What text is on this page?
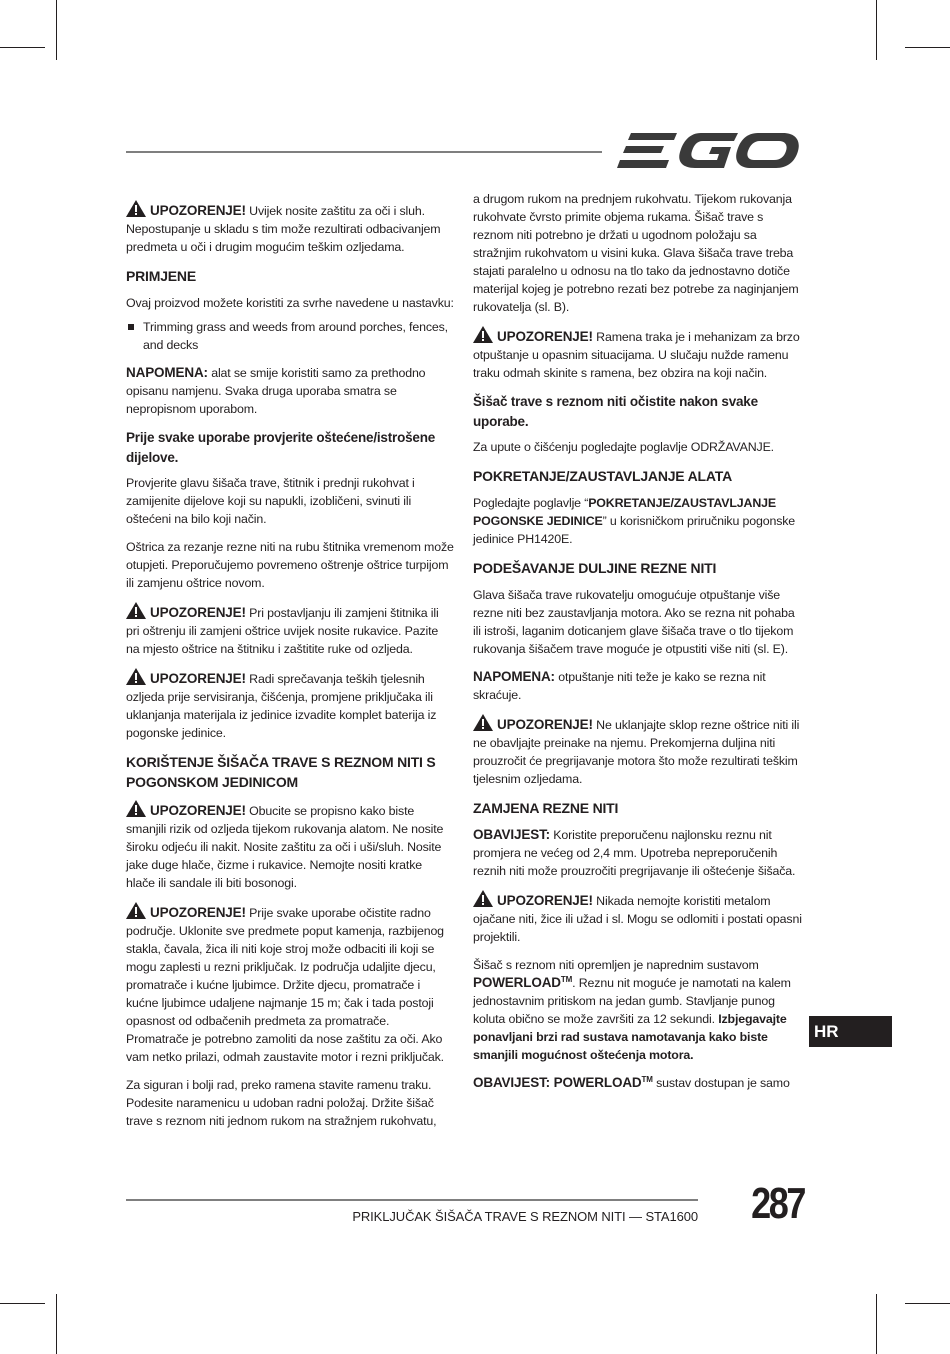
UPOZORENJE! Uvijek nosite zaštitu za oči i sluh. Nepostupanje u skladu s tim može rezultirati odbacivanjem predmeta u oči i drugim mogućim teškim ozljedama.

PRIMJENE

Ovaj proizvod možete koristiti za svrhe navedene u nastavku:

Trimming grass and weeds from around porches, fences, and decks

NAPOMENA: alat se smije koristiti samo za prethodno opisanu namjenu. Svaka druga uporaba smatra se nepropisnom uporabom.

Prije svake uporabe provjerite oštećene/istrošene dijelove.

Provjerite glavu šišača trave, štitnik i prednji rukohvat i zamijenite dijelove koji su napukli, izobličeni, svinuti ili oštećeni na bilo koji način.

Oštrica za rezanje rezne niti na rubu štitnika vremenom može otupjeti. Preporučujemo povremeno oštrenje oštrice turpijom ili zamjenu oštrice novom.

UPOZORENJE! Pri postavljanju ili zamjeni štitnika ili pri oštrenju ili zamjeni oštrice uvijek nosite rukavice. Pazite na mjesto oštrice na štitniku i zaštitite ruke od ozljeda.

UPOZORENJE! Radi sprečavanja teških tjelesnih ozljeda prije servisiranja, čišćenja, promjene priključaka ili uklanjanja materijala iz jedinice izvadite komplet baterija iz pogonske jedinice.

KORIŠTENJE ŠIŠAČA TRAVE S REZNOM NITI S POGONSKOM JEDINICOM

UPOZORENJE! Obucite se propisno kako biste smanjili rizik od ozljeda tijekom rukovanja alatom. Ne nosite široku odjeću ili nakit. Nosite zaštitu za oči i uši/sluh. Nosite jake duge hlače, čizme i rukavice. Nemojte nositi kratke hlače ili sandale ili biti bosonogi.

UPOZORENJE! Prije svake uporabe očistite radno područje. Uklonite sve predmete poput kamenja, razbijenog stakla, čavala, žica ili niti koje stroj može odbaciti ili koji se mogu zaplesti u rezni priključak. Iz područja udaljite djecu, promatrače i kućne ljubimce. Držite djecu, promatrače i kućne ljubimce udaljene najmanje 15 m; čak i tada postoji opasnost od odbačenih predmeta za promatrače. Promatrače je potrebno zamoliti da nose zaštitu za oči. Ako vam netko prilazi, odmah zaustavite motor i rezni priključak.

Za siguran i bolji rad, preko ramena stavite ramenu traku. Podesite naramenicu u udoban radni položaj. Držite šišač trave s reznom niti jednom rukom na stražnjem rukohvatu,

a drugom rukom na prednjem rukohvatu. Tijekom rukovanja rukohvate čvrsto primite objema rukama. Šišač trave s reznom niti potrebno je držati u ugodnom položaju sa stražnjim rukohvatom u visini kuka. Glava šišača trave treba stajati paralelno u odnosu na tlo tako da jednostavno dotiče materijal kojeg je potrebno rezati bez potrebe za naginjanjem rukovatelja (sl. B).

UPOZORENJE! Ramena traka je i mehanizam za brzo otpuštanje u opasnim situacijama. U slučaju nužde ramenu traku odmah skinite s ramena, bez obzira na koji način.

Šišač trave s reznom niti očistite nakon svake uporabe.

Za upute o čišćenju pogledajte poglavlje ODRŽAVANJE.

POKRETANJE/ZAUSTAVLJANJE ALATA

Pogledajte poglavlje “POKRETANJE/ZAUSTAVLJANJE POGONSKE JEDINICE” u korisničkom priručniku pogonske jedinice PH1420E.

PODEŠAVANJE DULJINE REZNE NITI

Glava šišača trave rukovatelju omogućuje otpuštanje više rezne niti bez zaustavljanja motora. Ako se rezna nit pohaba ili istroši, laganim doticanjem glave šišača trave o tlo tijekom rukovanja šišačem trave moguće je otpustiti više niti (sl. E).

NAPOMENA: otpuštanje niti teže je kako se rezna nit skraćuje.

UPOZORENJE! Ne uklanjajte sklop rezne oštrice niti ili ne obavljajte preinake na njemu. Prekomjerna duljina niti prouzročit će pregrijavanje motora što može rezultirati teškim tjelesnim ozljedama.

ZAMJENA REZNE NITI

OBAVIJEST: Koristite preporučenu najlonsku reznu nit promjera ne većeg od 2,4 mm. Upotreba nepreporučenih reznih niti može prouzročiti pregrijavanje ili oštećenje šišača.

UPOZORENJE! Nikada nemojte koristiti metalom ojačane niti, žice ili užad i sl. Mogu se odlomiti i postati opasni projektili.

Šišač s reznom niti opremljen je naprednim sustavom POWERLOAD™. Reznu nit moguće je namotati na kalem jednostavnim pritiskom na jedan gumb. Stavljanje punog koluta obično se može završiti za 12 sekundi. Izbjegavajte ponavljani brzi rad sustava namotavanja kako biste smanjili mogućnost oštećenja motora.

OBAVIJEST: POWERLOAD™ sustav dostupan je samo

HR
PRIKLJUČAK ŠIŠAČA TRAVE S REZNOM NITI — STA1600 287
